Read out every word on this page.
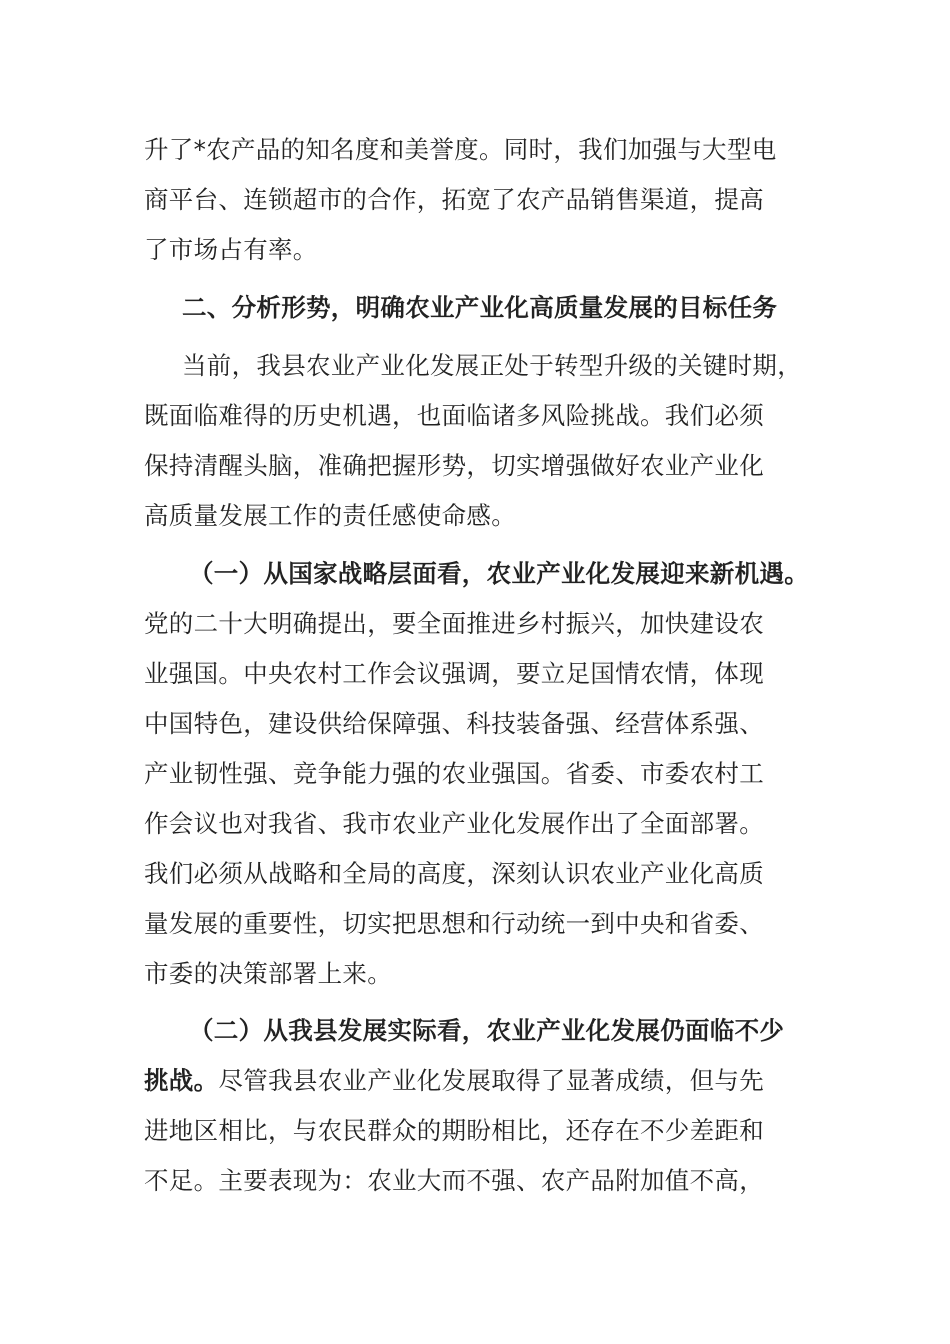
升了*农产品的知名度和美誉度。同时，我们加强与大型电
商平台、连锁超市的合作，拓宽了农产品销售渠道，提高
了市场占有率。
二、分析形势，明确农业产业化高质量发展的目标任务
当前，我县农业产业化发展正处于转型升级的关键时期，
既面临难得的历史机遇，也面临诸多风险挑战。我们必须
保持清醒头脑，准确把握形势，切实增强做好农业产业化
高质量发展工作的责任感使命感。
（一）从国家战略层面看，农业产业化发展迎来新机遇。
党的二十大明确提出，要全面推进乡村振兴，加快建设农
业强国。中央农村工作会议强调，要立足国情农情，体现
中国特色，建设供给保障强、科技装备强、经营体系强、
产业韧性强、竞争能力强的农业强国。省委、市委农村工
作会议也对我省、我市农业产业化发展作出了全面部署。
我们必须从战略和全局的高度，深刻认识农业产业化高质
量发展的重要性，切实把思想和行动统一到中央和省委、
市委的决策部署上来。
（二）从我县发展实际看，农业产业化发展仍面临不少
挑战。尽管我县农业产业化发展取得了显著成绩，但与先
进地区相比，与农民群众的期盼相比，还存在不少差距和
不足。主要表现为：农业大而不强、农产品附加值不高，
